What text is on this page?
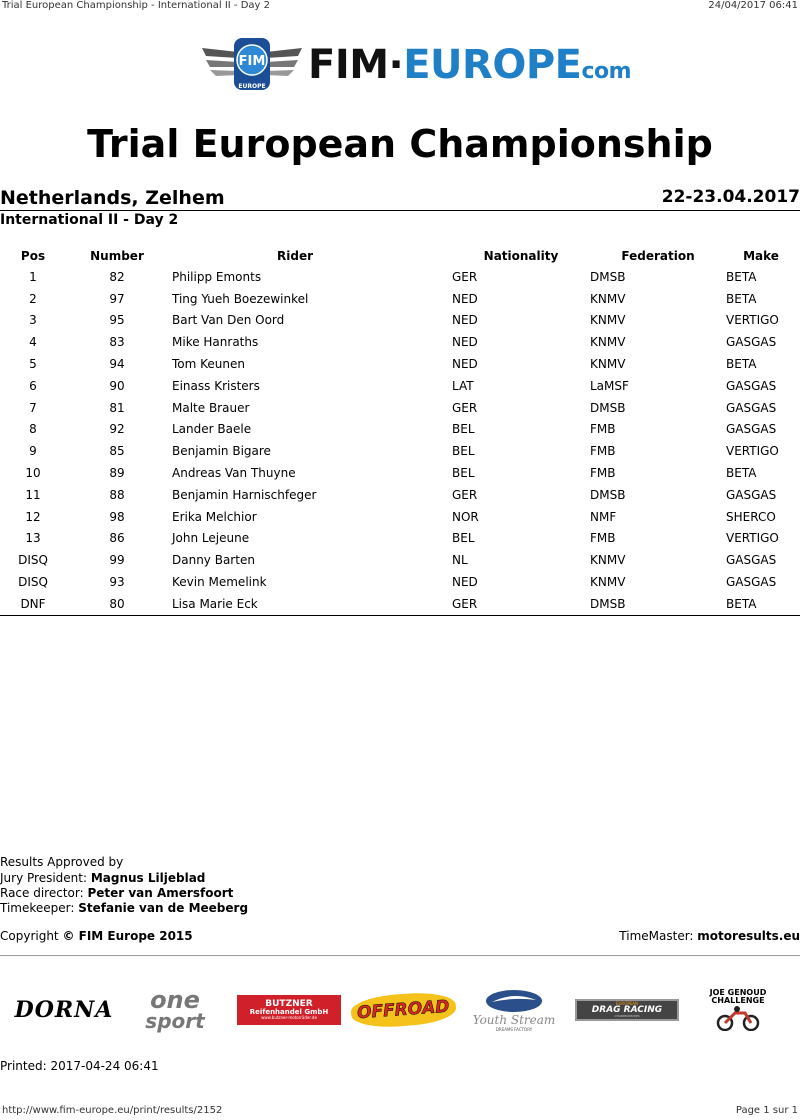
Trial European Championship - International II - Day 2	24/04/2017 06:41
FIM
EUROPE FIM·EUROPEcom
Trial European Championship
Netherlands, Zelhem	22-23.04.2017
International II - Day 2
Pos	Number	Rider	Nationality	Federation	Make
1	82	Philipp Emonts	GER	DMSB	BETA
2	97	Ting Yueh Boezewinkel	NED	KNMV	BETA
3	95	Bart Van Den Oord	NED	KNMV	VERTIGO
4	83	Mike Hanraths	NED	KNMV	GASGAS
5	94	Tom Keunen	NED	KNMV	BETA
6	90	Einass Kristers	LAT	LaMSF	GASGAS
7	81	Malte Brauer	GER	DMSB	GASGAS
8	92	Lander Baele	BEL	FMB	GASGAS
9	85	Benjamin Bigare	BEL	FMB	VERTIGO
10	89	Andreas Van Thuyne	BEL	FMB	BETA
11	88	Benjamin Harnischfeger	GER	DMSB	GASGAS
12	98	Erika Melchior	NOR	NMF	SHERCO
13	86	John Lejeune	BEL	FMB	VERTIGO
DISQ	99	Danny Barten	NL	KNMV	GASGAS
DISQ	93	Kevin Memelink	NED	KNMV	GASGAS
DNF	80	Lisa Marie Eck	GER	DMSB	BETA
Results Approved by
Jury President: Magnus Liljeblad
Race director: Peter van Amersfoort
Timekeeper: Stefanie van de Meeberg
Copyright © FIM Europe 2015	TimeMaster: motoresults.eu
DORNA one
sport
BUTZNER
Reifenhandel GmbH
www.butzner-motorräder.de	OFFROAD	Youth Stream
DREAMS FACTORY
EUROPEAN
DRAG RACING
CHAMPIONSHIPS
JOE GENOUD
CHALLENGE
Printed: 2017-04-24 06:41
http://www.fim-europe.eu/print/results/2152	Page 1 sur 1
